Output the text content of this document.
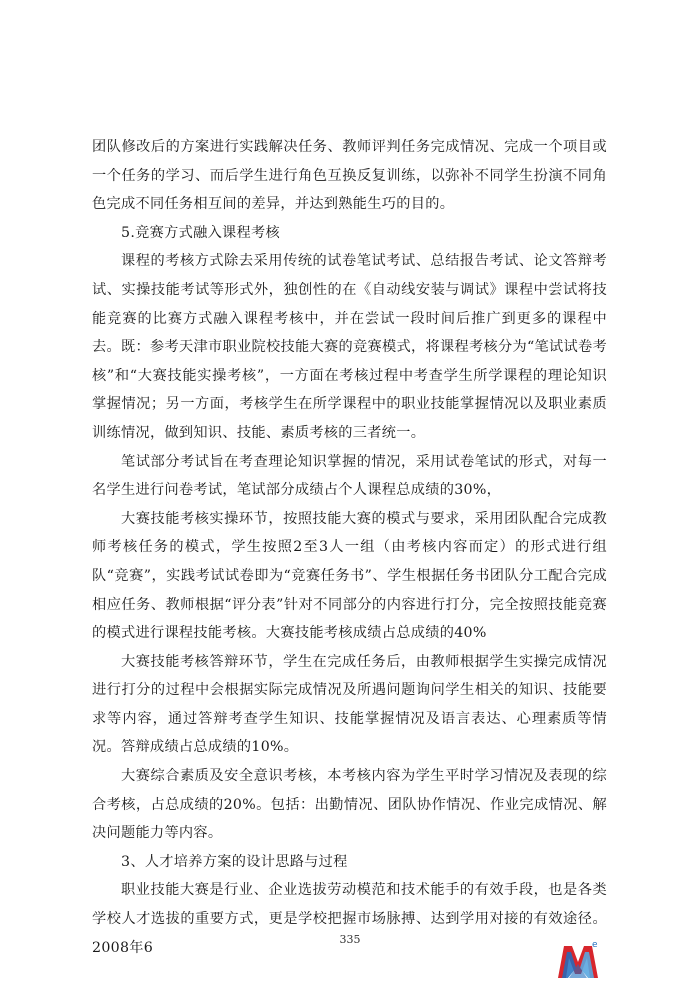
团队修改后的方案进行实践解决任务、教师评判任务完成情况、完成一个项目或一个任务的学习、而后学生进行角色互换反复训练，以弥补不同学生扮演不同角色完成不同任务相互间的差异，并达到熟能生巧的目的。

5.竞赛方式融入课程考核

课程的考核方式除去采用传统的试卷笔试考试、总结报告考试、论文答辩考试、实操技能考试等形式外，独创性的在《自动线安装与调试》课程中尝试将技能竞赛的比赛方式融入课程考核中，并在尝试一段时间后推广到更多的课程中去。既：参考天津市职业院校技能大赛的竞赛模式，将课程考核分为“笔试试卷考核”和“大赛技能实操考核”，一方面在考核过程中考查学生所学课程的理论知识掌握情况；另一方面，考核学生在所学课程中的职业技能掌握情况以及职业素质训练情况，做到知识、技能、素质考核的三者统一。

笔试部分考试旨在考查理论知识掌握的情况，采用试卷笔试的形式，对每一名学生进行问卷考试，笔试部分成绩占个人课程总成绩的30%，

大赛技能考核实操环节，按照技能大赛的模式与要求，采用团队配合完成教师考核任务的模式，学生按照2至3人一组（由考核内容而定）的形式进行组队“竞赛”，实践考试试卷即为“竞赛任务书”、学生根据任务书团队分工配合完成相应任务、教师根据“评分表”针对不同部分的内容进行打分，完全按照技能竞赛的模式进行课程技能考核。大赛技能考核成绩占总成绩的40%

大赛技能考核答辩环节，学生在完成任务后，由教师根据学生实操完成情况进行打分的过程中会根据实际完成情况及所遇问题询问学生相关的知识、技能要求等内容，通过答辩考查学生知识、技能掌握情况及语言表达、心理素质等情况。答辩成绩占总成绩的10%。

大赛综合素质及安全意识考核，本考核内容为学生平时学习情况及表现的综合考核，占总成绩的20%。包括：出勤情况、团队协作情况、作业完成情况、解决问题能力等内容。

3、人才培养方案的设计思路与过程

职业技能大赛是行业、企业选拔劳动模范和技术能手的有效手段，也是各类学校人才选拔的重要方式，更是学校把握市场脉搏、达到学用对接的有效途径。2008年6

335	e
